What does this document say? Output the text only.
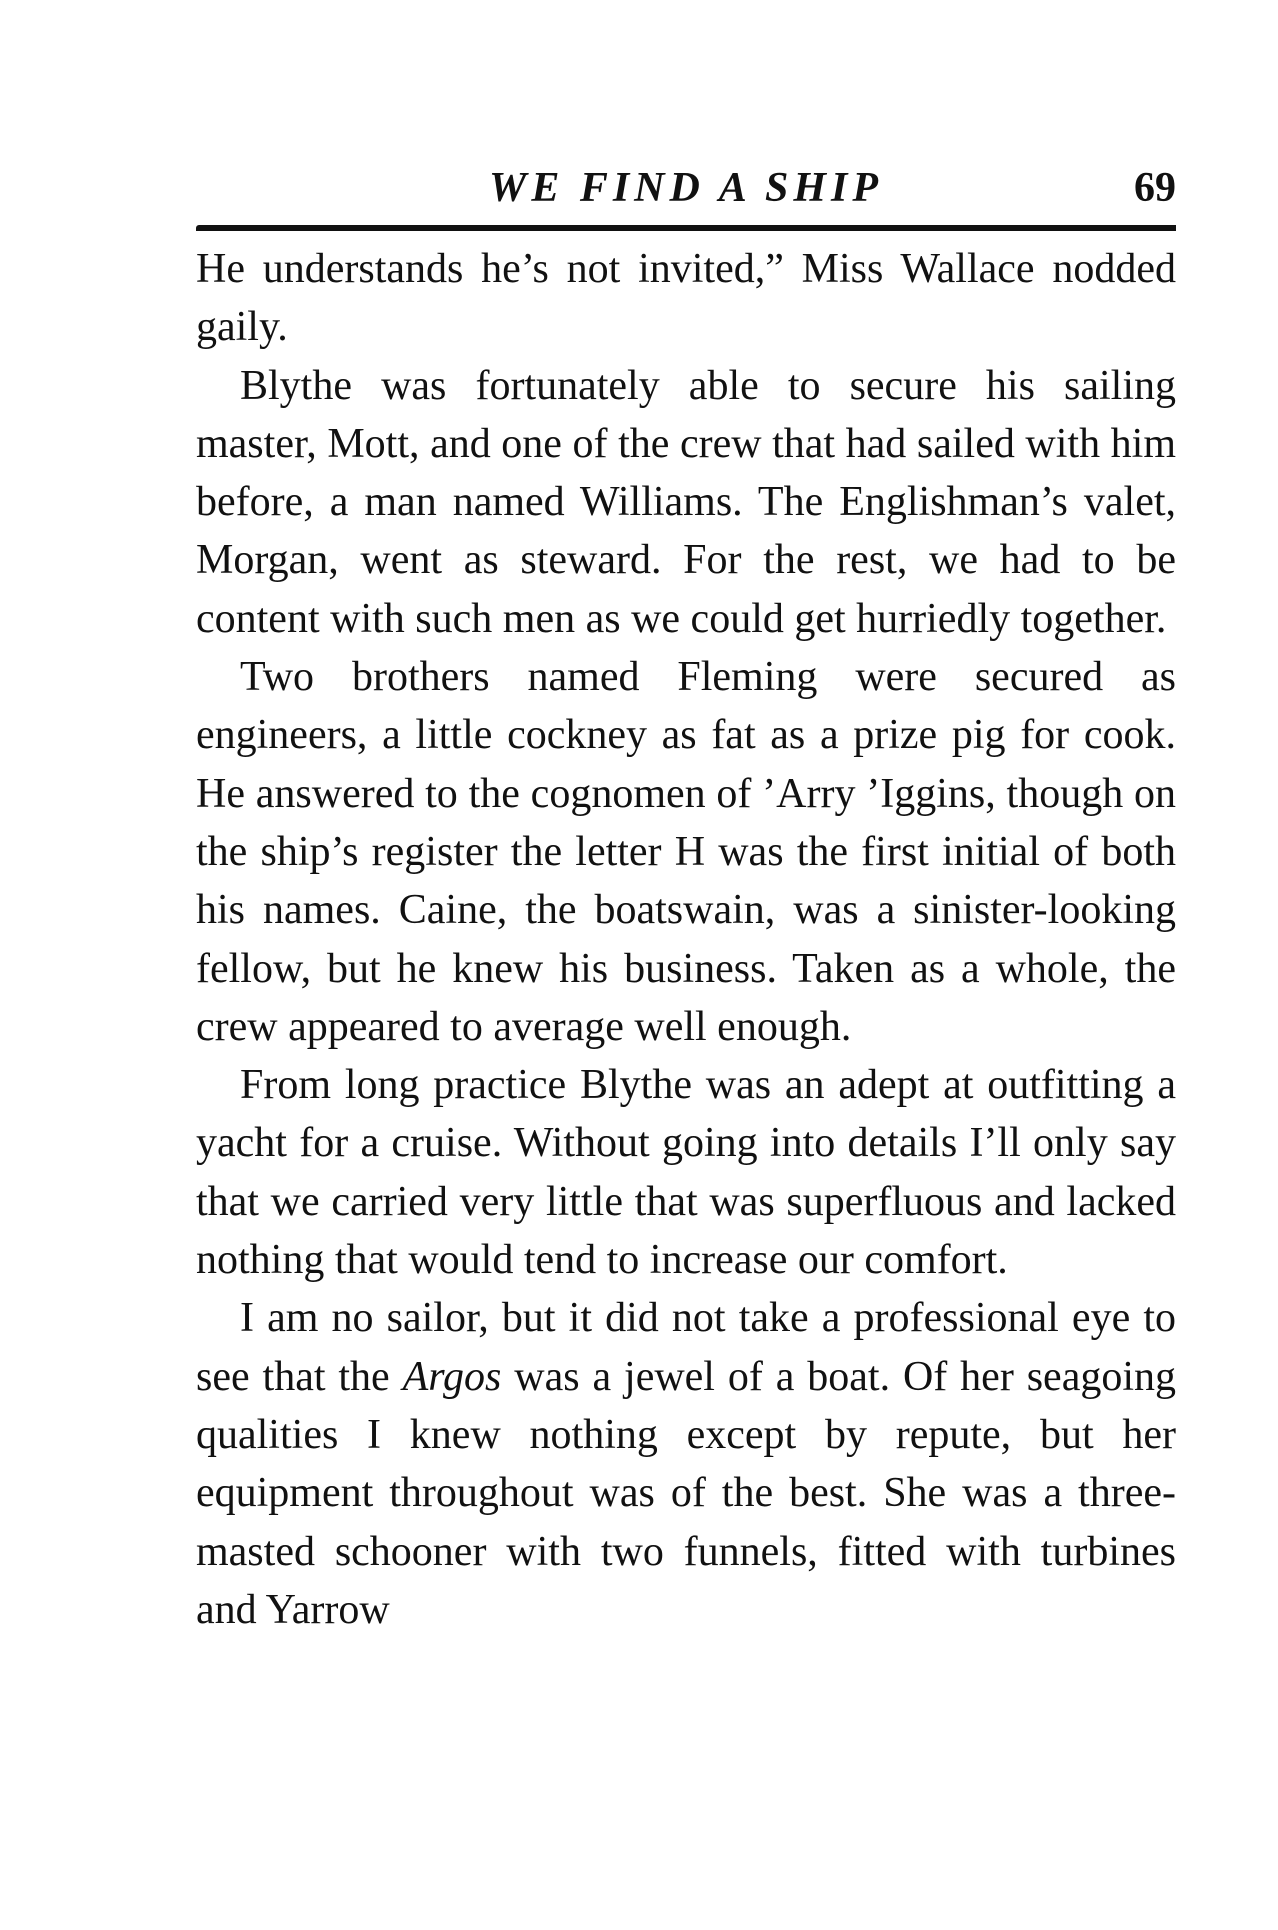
WE FIND A SHIP	69

He understands he’s not invited,” Miss Wallace nodded gaily.

Blythe was fortunately able to secure his sailing master, Mott, and one of the crew that had sailed with him before, a man named Williams. The Englishman’s valet, Morgan, went as steward. For the rest, we had to be content with such men as we could get hurriedly together.

Two brothers named Fleming were secured as engineers, a little cockney as fat as a prize pig for cook. He answered to the cognomen of ’Arry ’Iggins, though on the ship’s register the letter H was the first initial of both his names. Caine, the boatswain, was a sinister-looking fellow, but he knew his business. Taken as a whole, the crew appeared to average well enough.

From long practice Blythe was an adept at outfitting a yacht for a cruise. Without going into details I’ll only say that we carried very little that was superfluous and lacked nothing that would tend to increase our comfort.

I am no sailor, but it did not take a professional eye to see that the Argos was a jewel of a boat. Of her seagoing qualities I knew nothing except by repute, but her equipment throughout was of the best. She was a three-masted schooner with two funnels, fitted with turbines and Yarrow
